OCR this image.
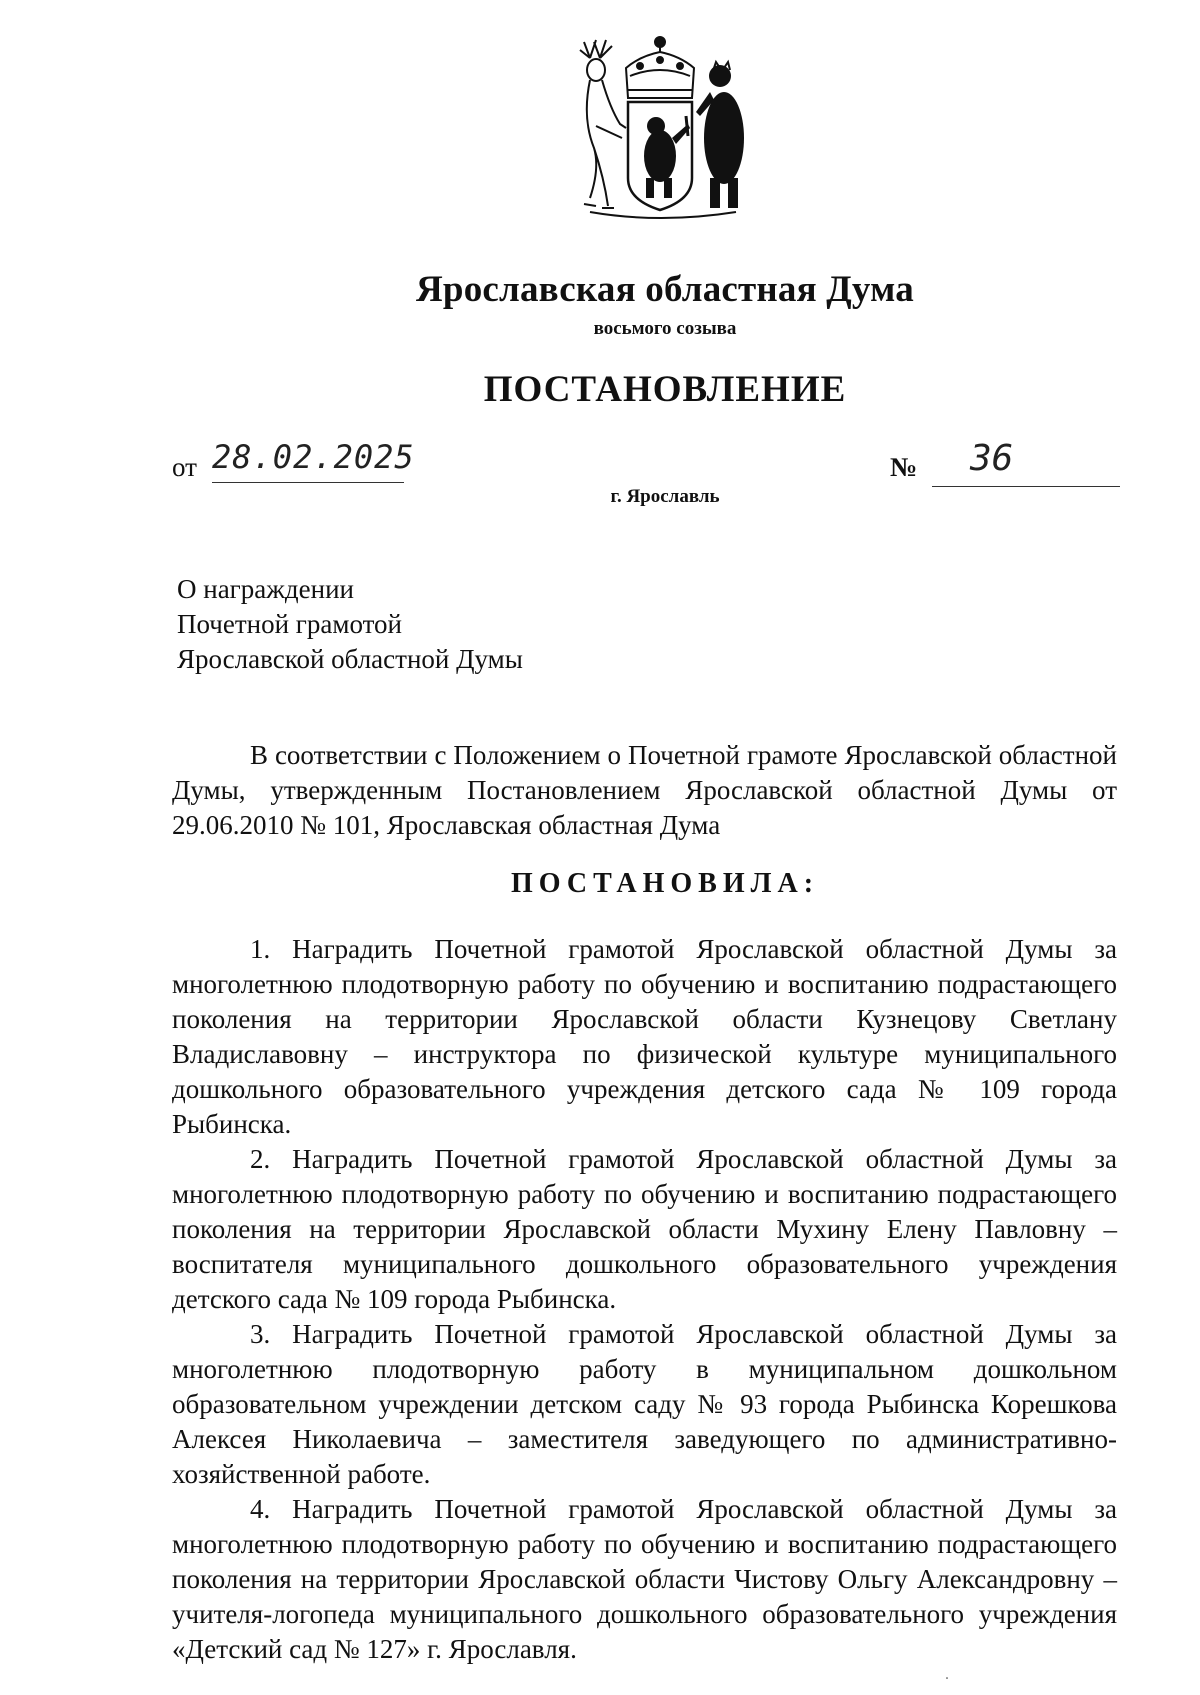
Ярославская областная Дума
восьмого созыва
ПОСТАНОВЛЕНИЕ
от 28.02.2025	№ 36
г. Ярославль
О награждении
Почетной грамотой
Ярославской областной Думы
В соответствии с Положением о Почетной грамоте Ярославской областной Думы, утвержденным Постановлением Ярославской областной Думы от 29.06.2010 № 101, Ярославская областная Дума
ПОСТАНОВИЛА:

1. Наградить Почетной грамотой Ярославской областной Думы за многолетнюю плодотворную работу по обучению и воспитанию подрастающего поколения на территории Ярославской области Кузнецову Светлану Владиславовну – инструктора по физической культуре муниципального дошкольного образовательного учреждения детского сада № 109 города Рыбинска.

2. Наградить Почетной грамотой Ярославской областной Думы за многолетнюю плодотворную работу по обучению и воспитанию подрастающего поколения на территории Ярославской области Мухину Елену Павловну – воспитателя муниципального дошкольного образовательного учреждения детского сада № 109 города Рыбинска.

3. Наградить Почетной грамотой Ярославской областной Думы за многолетнюю плодотворную работу в муниципальном дошкольном образовательном учреждении детском саду № 93 города Рыбинска Корешкова Алексея Николаевича – заместителя заведующего по административно-хозяйственной работе.

4. Наградить Почетной грамотой Ярославской областной Думы за многолетнюю плодотворную работу по обучению и воспитанию подрастающего поколения на территории Ярославской области Чистову Ольгу Александровну – учителя-логопеда муниципального дошкольного образовательного учреждения «Детский сад № 127» г. Ярославля.

.
